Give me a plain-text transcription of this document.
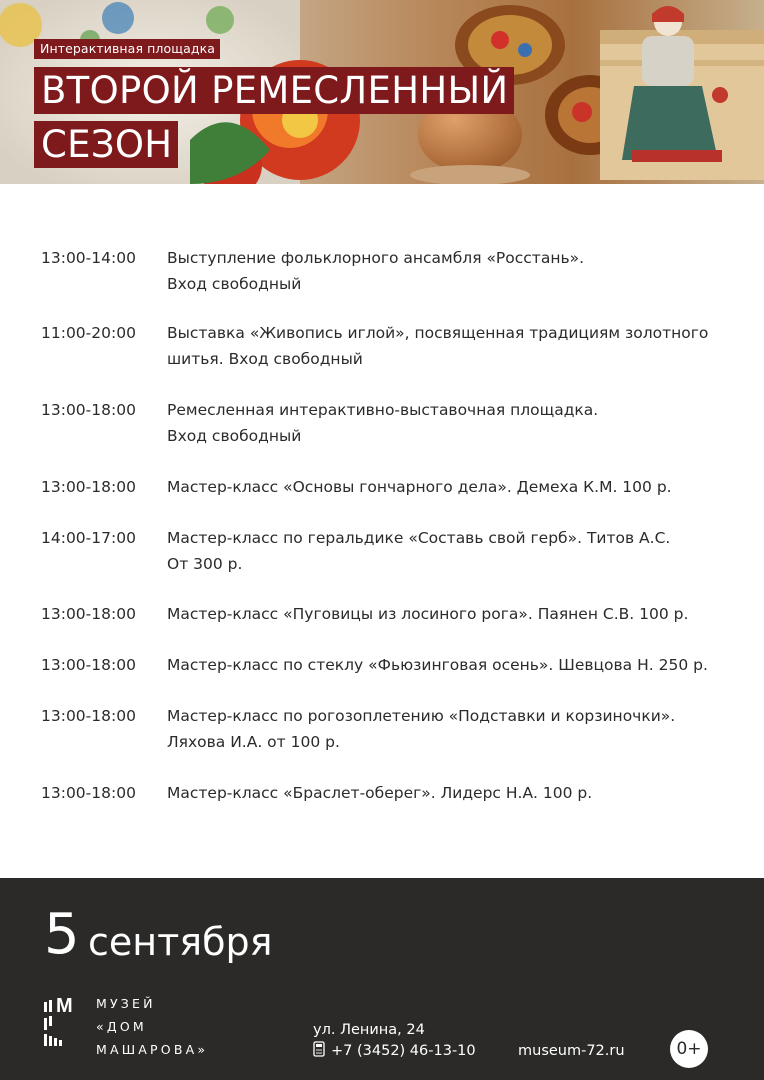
Интерактивная площадка
ВТОРОЙ РЕМЕСЛЕННЫЙ
СЕЗОН
13:00-14:00 Выступление фольклорного ансамбля «Росстань».
Вход свободный
11:00-20:00 Выставка «Живопись иглой», посвященная традициям золотного
шитья. Вход свободный
13:00-18:00 Ремесленная интерактивно-выставочная площадка.
Вход свободный
13:00-18:00 Мастер-класс «Основы гончарного дела». Демеха К.М. 100 р.
14:00-17:00 Мастер-класс по геральдике «Составь свой герб». Титов А.С.
От 300 р.
13:00-18:00 Мастер-класс «Пуговицы из лосиного рога». Паянен С.В. 100 р.
13:00-18:00 Мастер-класс по стеклу «Фьюзинговая осень». Шевцова Н. 250 р.
13:00-18:00 Мастер-класс по рогозоплетению «Подставки и корзиночки».
Ляхова И.А. от 100 р.
13:00-18:00 Мастер-класс «Браслет-оберег». Лидерс Н.А. 100 р.
5 сентября
M МУЗЕЙ
«ДОМ
МАШАРОВА»
ул. Ленина, 24
+7 (3452) 46-13-10	museum-72.ru	0+
